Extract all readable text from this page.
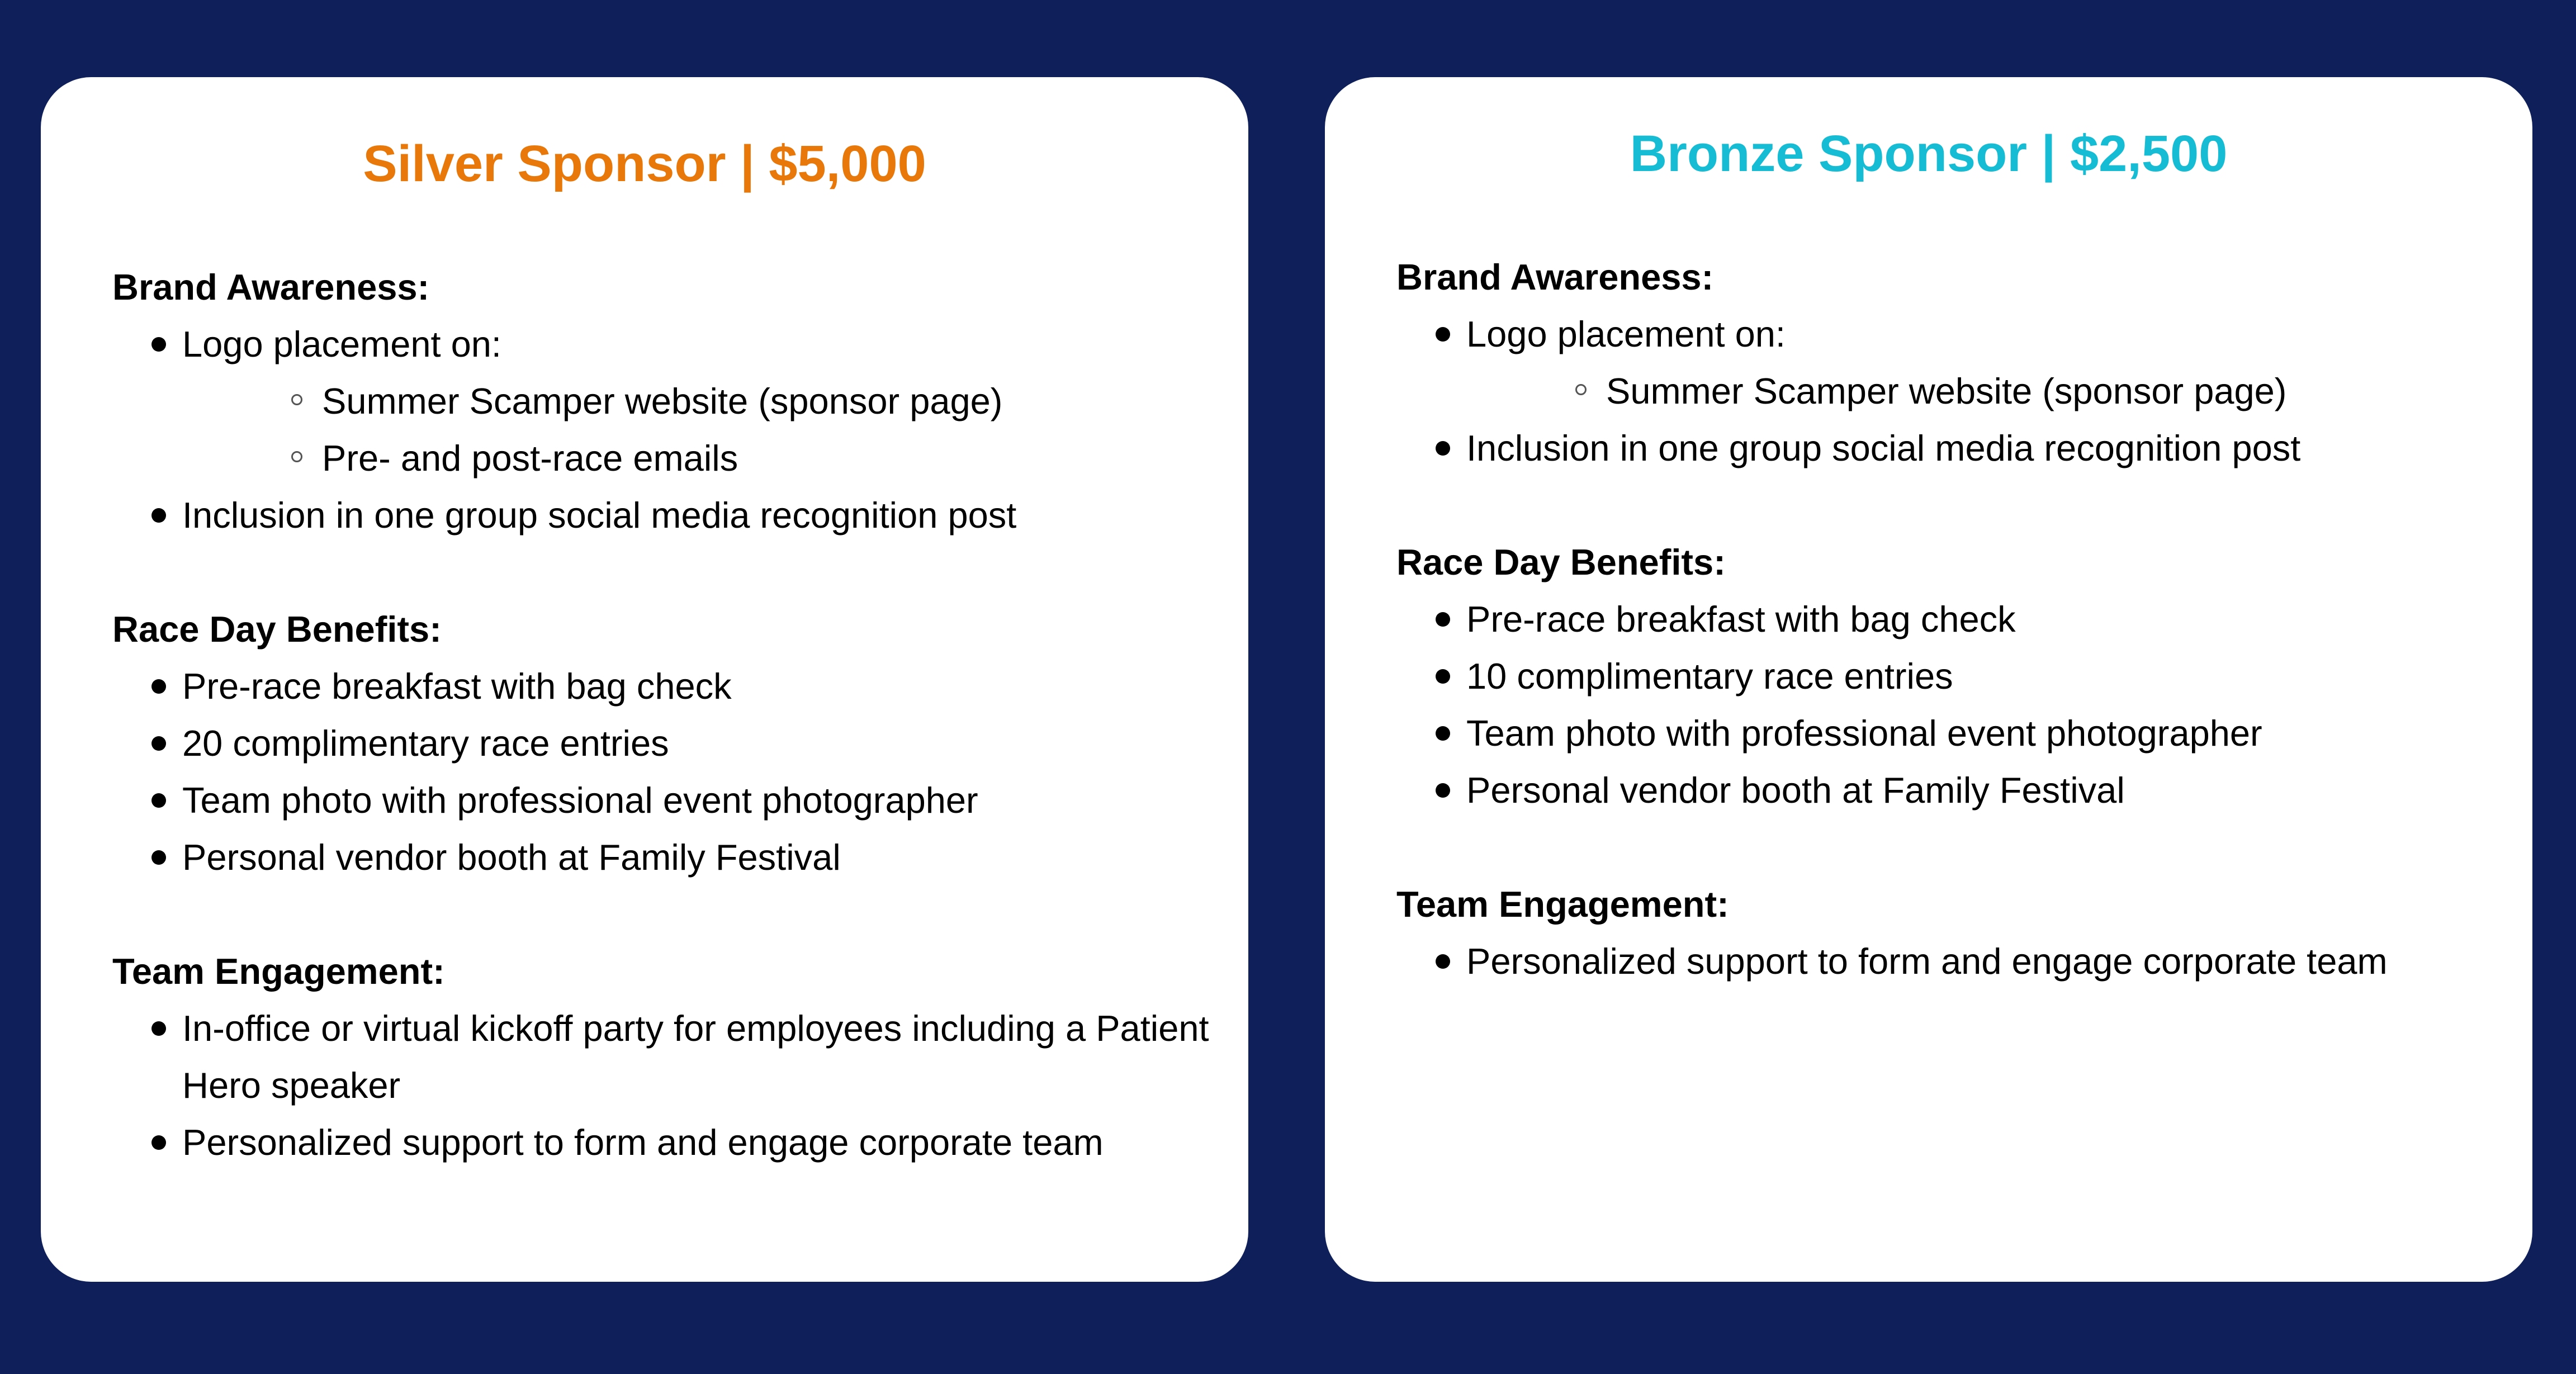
Silver Sponsor | $5,000

Brand Awareness:

Logo placement on:
Summer Scamper website (sponsor page)
Pre- and post-race emails
Inclusion in one group social media recognition post

Race Day Benefits:

Pre-race breakfast with bag check
20 complimentary race entries
Team photo with professional event photographer
Personal vendor booth at Family Festival

Team Engagement:

In-office or virtual kickoff party for employees including a Patient Hero speaker
Personalized support to form and engage corporate team
Bronze Sponsor | $2,500

Brand Awareness:

Logo placement on:
Summer Scamper website (sponsor page)
Inclusion in one group social media recognition post

Race Day Benefits:

Pre-race breakfast with bag check
10 complimentary race entries
Team photo with professional event photographer
Personal vendor booth at Family Festival

Team Engagement:

Personalized support to form and engage corporate team
